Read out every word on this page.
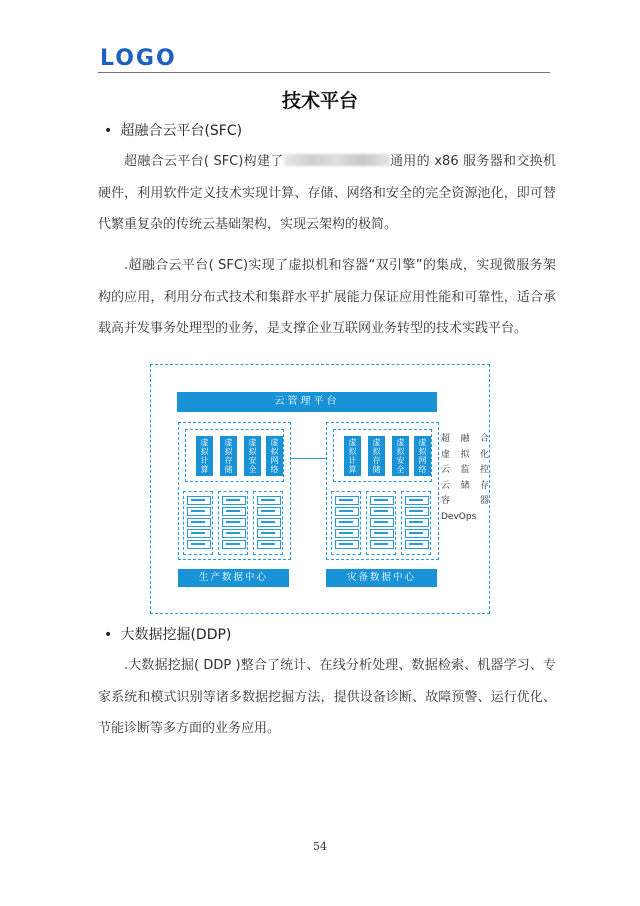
LOGO
技术平台
• 超融合云平台(SFC)
超融合云平台( SFC)构建了	通用的 x86 服务器和交换机硬件，利用软件定义技术实现计算、存储、网络和安全的完全资源池化，即可替代繁重复杂的传统云基础架构，实现云架构的极简。
.超融合云平台( SFC)实现了虚拟机和容器“双引擎”的集成，实现微服务架构的应用，利用分布式技术和集群水平扩展能力保证应用性能和可靠性，适合承载高并发事务处理型的业务，是支撑企业互联网业务转型的技术实践平台。
云管理平台
虚拟计算
虚拟存储
虚拟安全
虚拟网络
虚拟计算
虚拟存储
虚拟安全
虚拟网络
生产数据中心	灾备数据中心
超 融 合
虚 拟 化
云 监 控
云 储 存
容	器
DevOps
• 大数据挖掘(DDP)
.大数据挖掘( DDP )整合了统计、在线分析处理、数据检索、机器学习、专家系统和模式识别等诸多数据挖掘方法，提供设备诊断、故障预警、运行优化、节能诊断等多方面的业务应用。
54
